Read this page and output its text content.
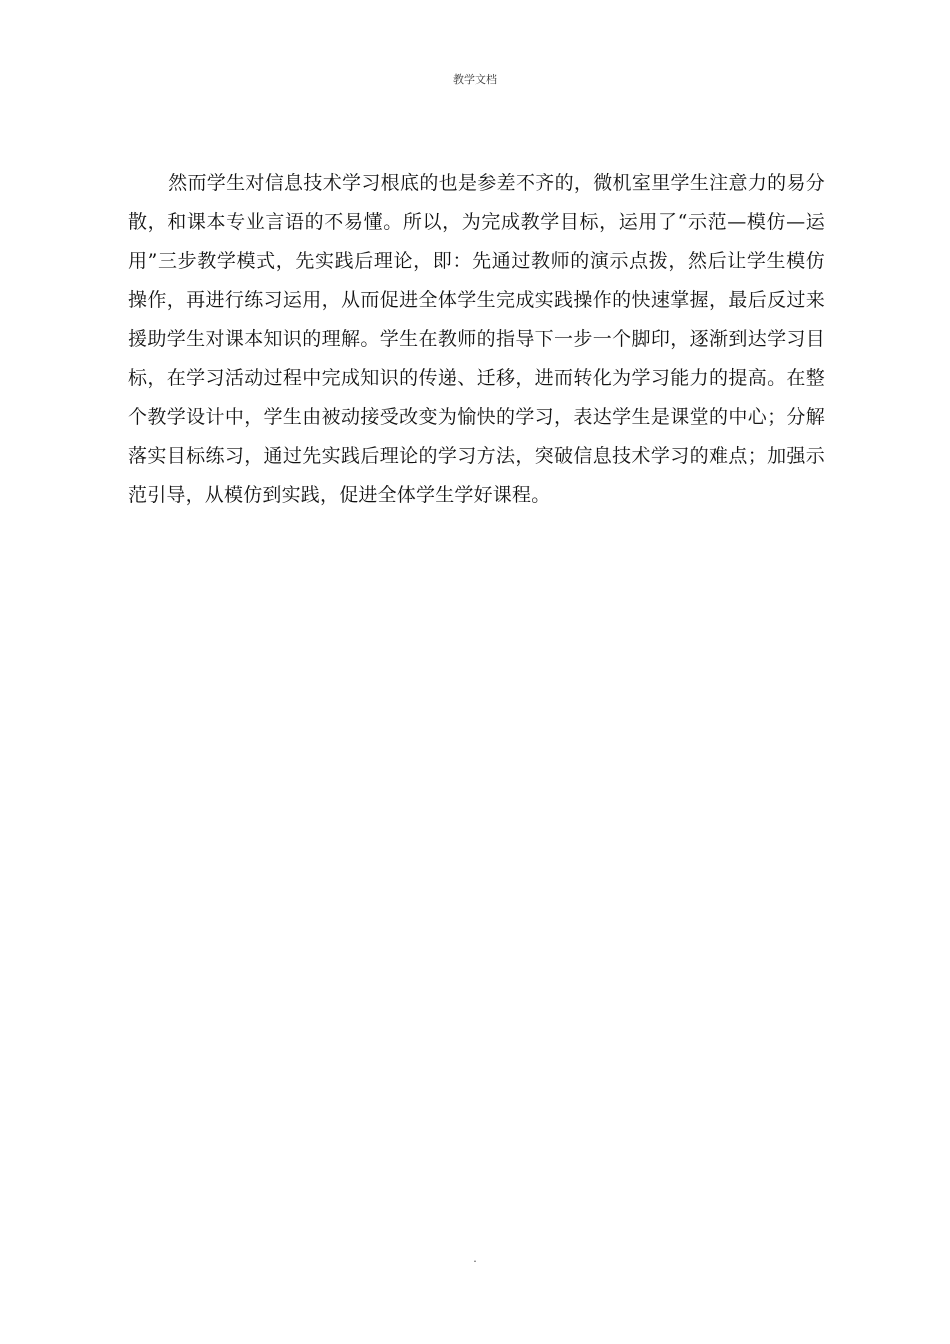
教学文档

然而学生对信息技术学习根底的也是参差不齐的，微机室里学生注意力的易分散，和课本专业言语的不易懂。所以，为完成教学目标，运用了“示范—模仿—运用”三步教学模式，先实践后理论，即：先通过教师的演示点拨，然后让学生模仿操作，再进行练习运用，从而促进全体学生完成实践操作的快速掌握，最后反过来援助学生对课本知识的理解。学生在教师的指导下一步一个脚印，逐渐到达学习目标，在学习活动过程中完成知识的传递、迁移，进而转化为学习能力的提高。在整个教学设计中，学生由被动接受改变为愉快的学习，表达学生是课堂的中心；分解落实目标练习，通过先实践后理论的学习方法，突破信息技术学习的难点；加强示范引导，从模仿到实践，促进全体学生学好课程。

.
